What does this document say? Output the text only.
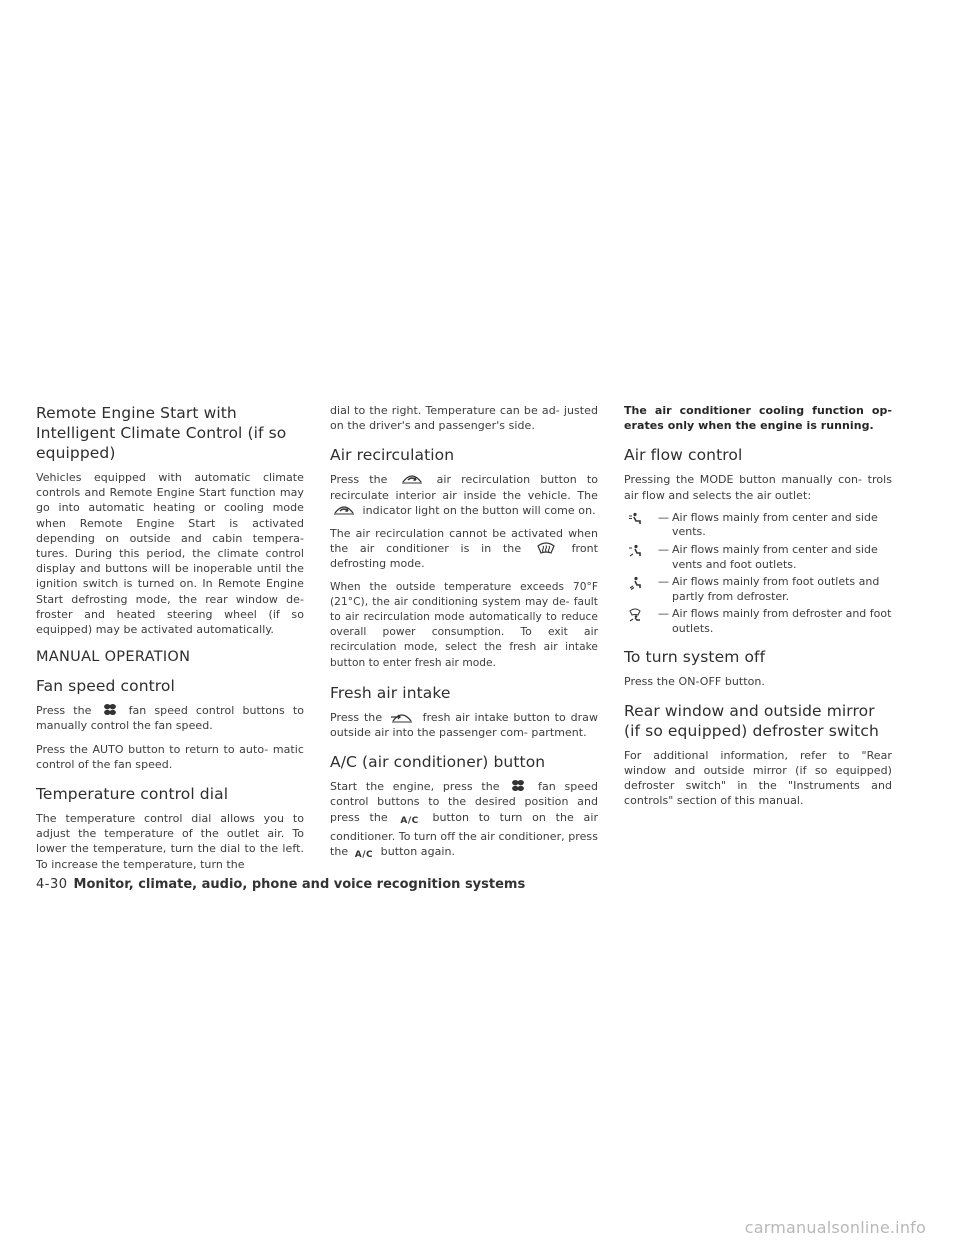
Remote Engine Start with Intelligent Climate Control (if so equipped)

Vehicles equipped with automatic climate controls and Remote Engine Start function may go into automatic heating or cooling mode when Remote Engine Start is activated depending on outside and cabin tempera- tures. During this period, the climate control display and buttons will be inoperable until the ignition switch is turned on. In Remote Engine Start defrosting mode, the rear window de- froster and heated steering wheel (if so equipped) may be activated automatically.

MANUAL OPERATION
Fan speed control

Press the	fan speed control buttons to manually control the fan speed.

Press the AUTO button to return to auto- matic control of the fan speed.

Temperature control dial

The temperature control dial allows you to adjust the temperature of the outlet air. To lower the temperature, turn the dial to the left. To increase the temperature, turn the

dial to the right. Temperature can be ad- justed on the driver's and passenger's side.

Air recirculation

Press the	air recirculation button to recirculate interior air inside the vehicle. The
indicator light on the button will come on.

The air recirculation cannot be activated when the air conditioner is in the	front defrosting mode.

When the outside temperature exceeds 70°F (21°C), the air conditioning system may de- fault to air recirculation mode automatically to reduce overall power consumption. To exit air recirculation mode, select the fresh air intake button to enter fresh air mode.

Fresh air intake

Press the	fresh air intake button to draw outside air into the passenger com- partment.

A/C (air conditioner) button

Start the engine, press the	fan speed control buttons to the desired position and press the A/C button to turn on the air conditioner. To turn off the air conditioner, press the A/C button again.

The air conditioner cooling function op- erates only when the engine is running.

Air flow control

Pressing the MODE button manually con- trols air flow and selects the air outlet:

— Air flows mainly from center and side vents.
— Air flows mainly from center and side vents and foot outlets.
— Air flows mainly from foot outlets and partly from defroster.
— Air flows mainly from defroster and foot outlets.
To turn system off

Press the ON-OFF button.

Rear window and outside mirror (if so equipped) defroster switch

For additional information, refer to "Rear window and outside mirror (if so equipped) defroster switch" in the "Instruments and controls" section of this manual.

4-30 Monitor, climate, audio, phone and voice recognition systems
carmanualsonline.info
